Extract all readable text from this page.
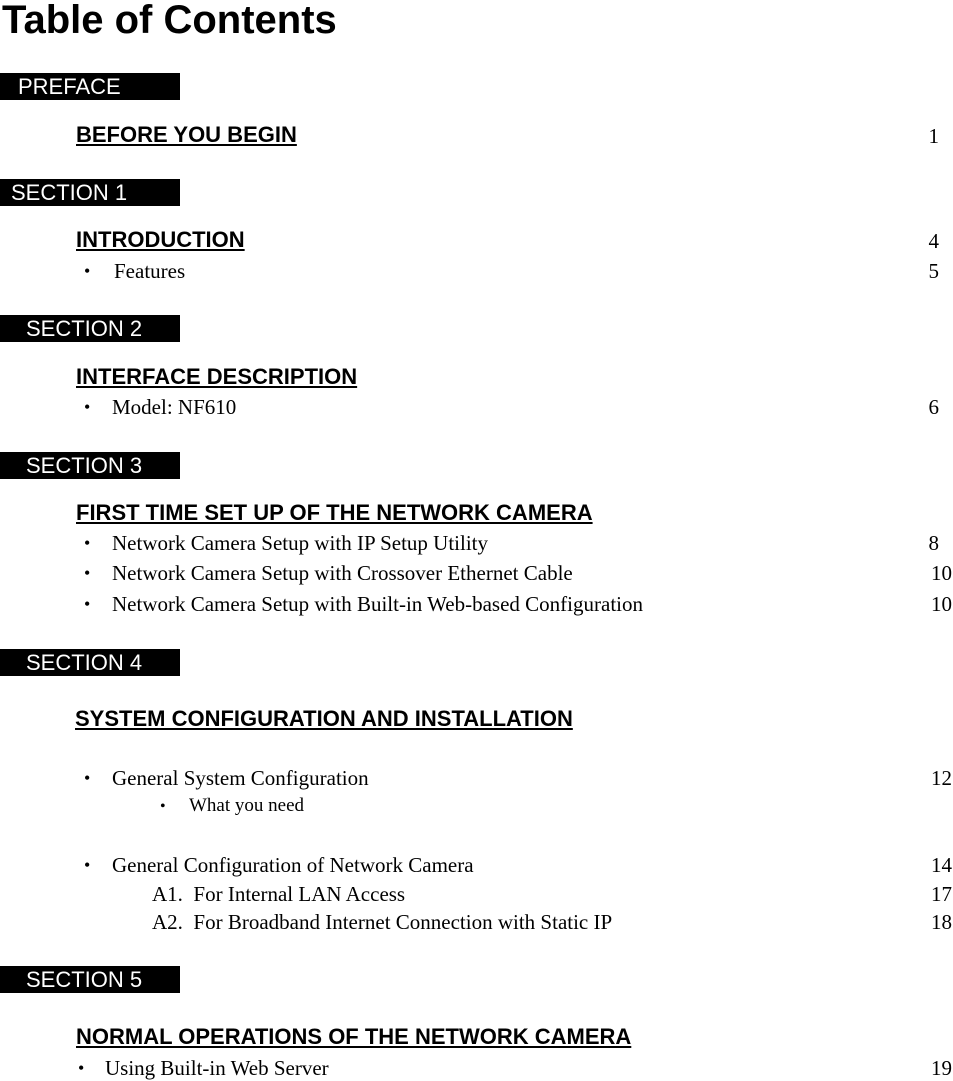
Table of Contents
PREFACE
BEFORE YOU BEGIN	1
SECTION 1
INTRODUCTION	4
• Features	5
SECTION 2
INTERFACE DESCRIPTION
• Model: NF610	6
SECTION 3
FIRST TIME SET UP OF THE NETWORK CAMERA
• Network Camera Setup with IP Setup Utility	8
• Network Camera Setup with Crossover Ethernet Cable	10
• Network Camera Setup with Built-in Web-based Configuration	10
SECTION 4
SYSTEM CONFIGURATION AND INSTALLATION
• General System Configuration	12
• What you need
• General Configuration of Network Camera	14
A1.  For Internal LAN Access	17
A2.  For Broadband Internet Connection with Static IP	18
SECTION 5
NORMAL OPERATIONS OF THE NETWORK CAMERA
• Using Built-in Web Server	19
